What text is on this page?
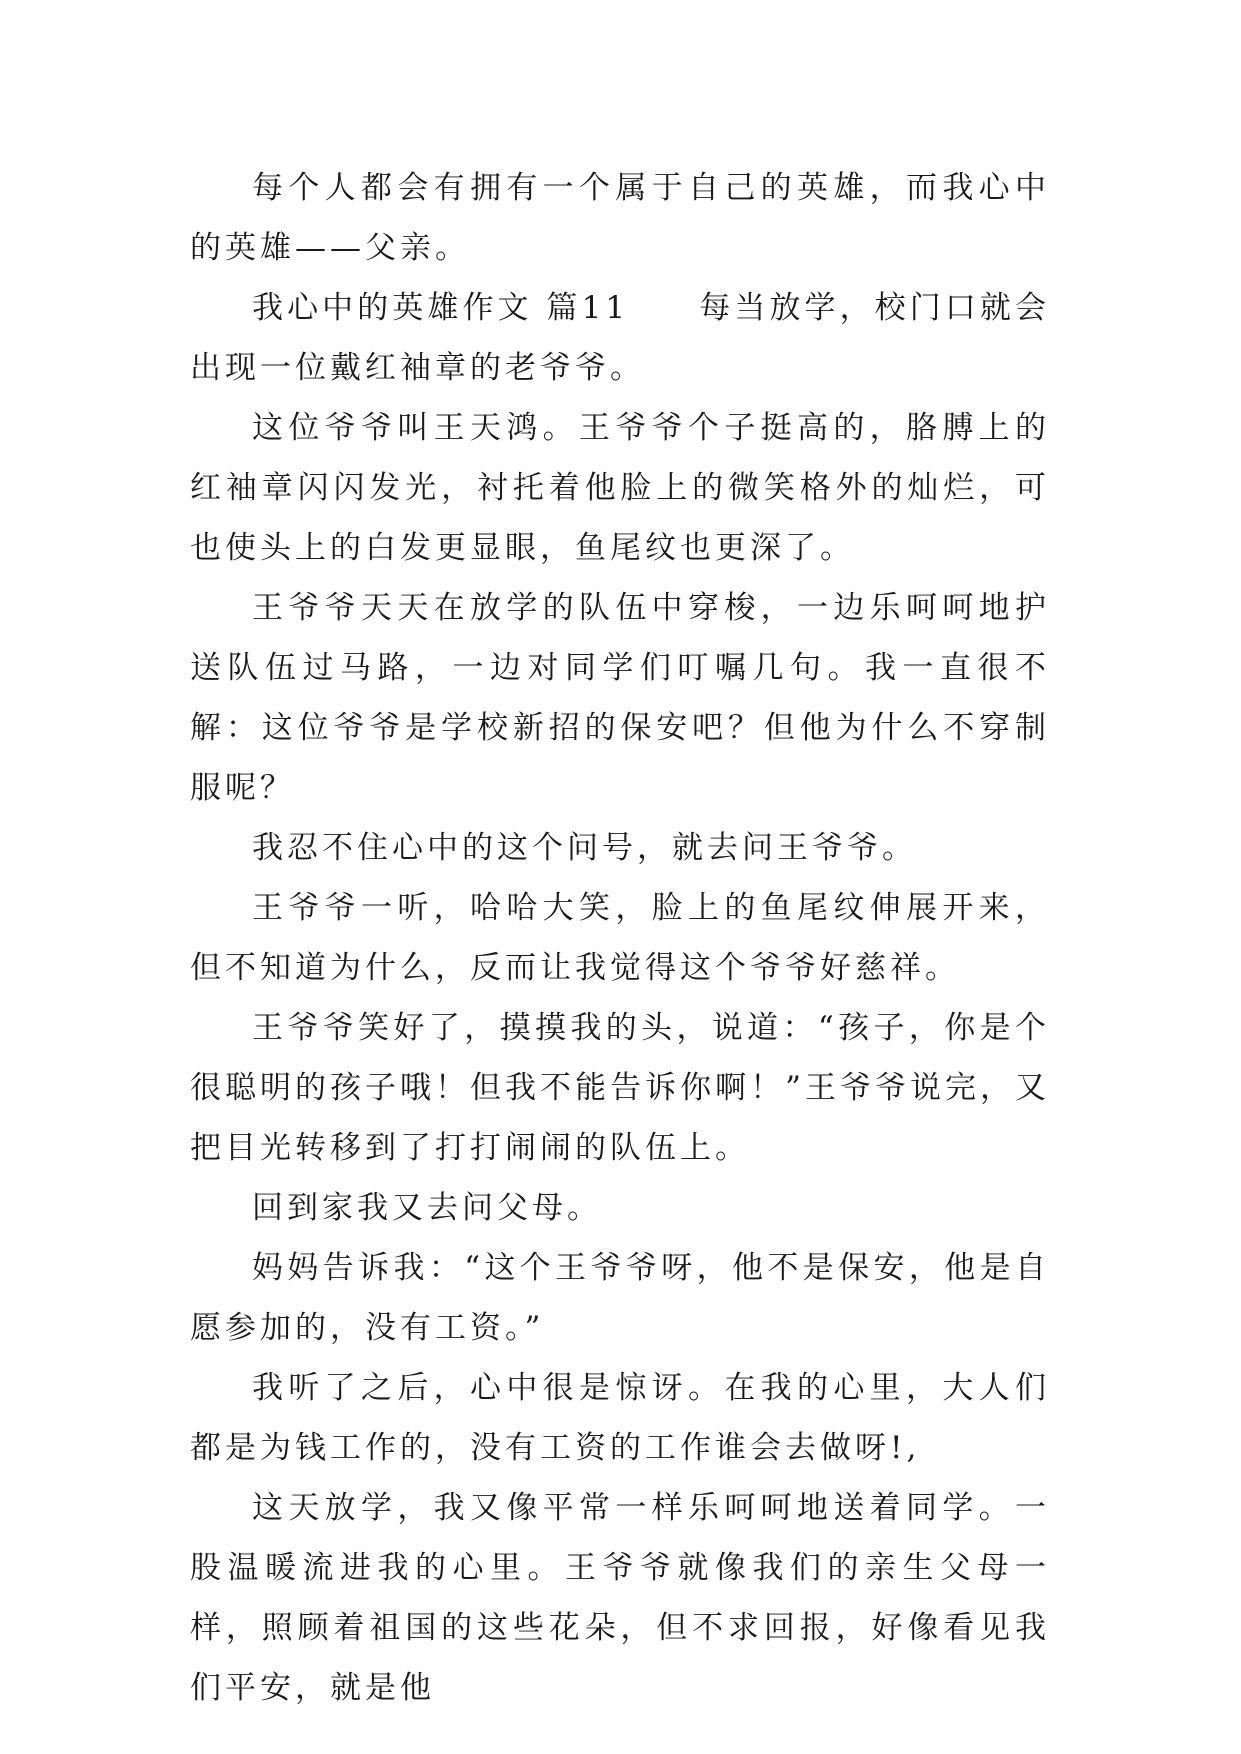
每个人都会有拥有一个属于自己的英雄，而我心中的英雄——父亲。

我心中的英雄作文 篇11　　每当放学，校门口就会出现一位戴红袖章的老爷爷。

这位爷爷叫王天鸿。王爷爷个子挺高的，胳膊上的红袖章闪闪发光，衬托着他脸上的微笑格外的灿烂，可也使头上的白发更显眼，鱼尾纹也更深了。

王爷爷天天在放学的队伍中穿梭，一边乐呵呵地护送队伍过马路，一边对同学们叮嘱几句。我一直很不解：这位爷爷是学校新招的保安吧？但他为什么不穿制服呢？

我忍不住心中的这个问号，就去问王爷爷。

王爷爷一听，哈哈大笑，脸上的鱼尾纹伸展开来，但不知道为什么，反而让我觉得这个爷爷好慈祥。

王爷爷笑好了，摸摸我的头，说道：“孩子，你是个很聪明的孩子哦！但我不能告诉你啊！”王爷爷说完，又把目光转移到了打打闹闹的队伍上。

回到家我又去问父母。

妈妈告诉我：“这个王爷爷呀，他不是保安，他是自愿参加的，没有工资。”

我听了之后，心中很是惊讶。在我的心里，大人们都是为钱工作的，没有工资的工作谁会去做呀!,

这天放学，我又像平常一样乐呵呵地送着同学。一股温暖流进我的心里。王爷爷就像我们的亲生父母一样，照顾着祖国的这些花朵，但不求回报，好像看见我们平安，就是他
